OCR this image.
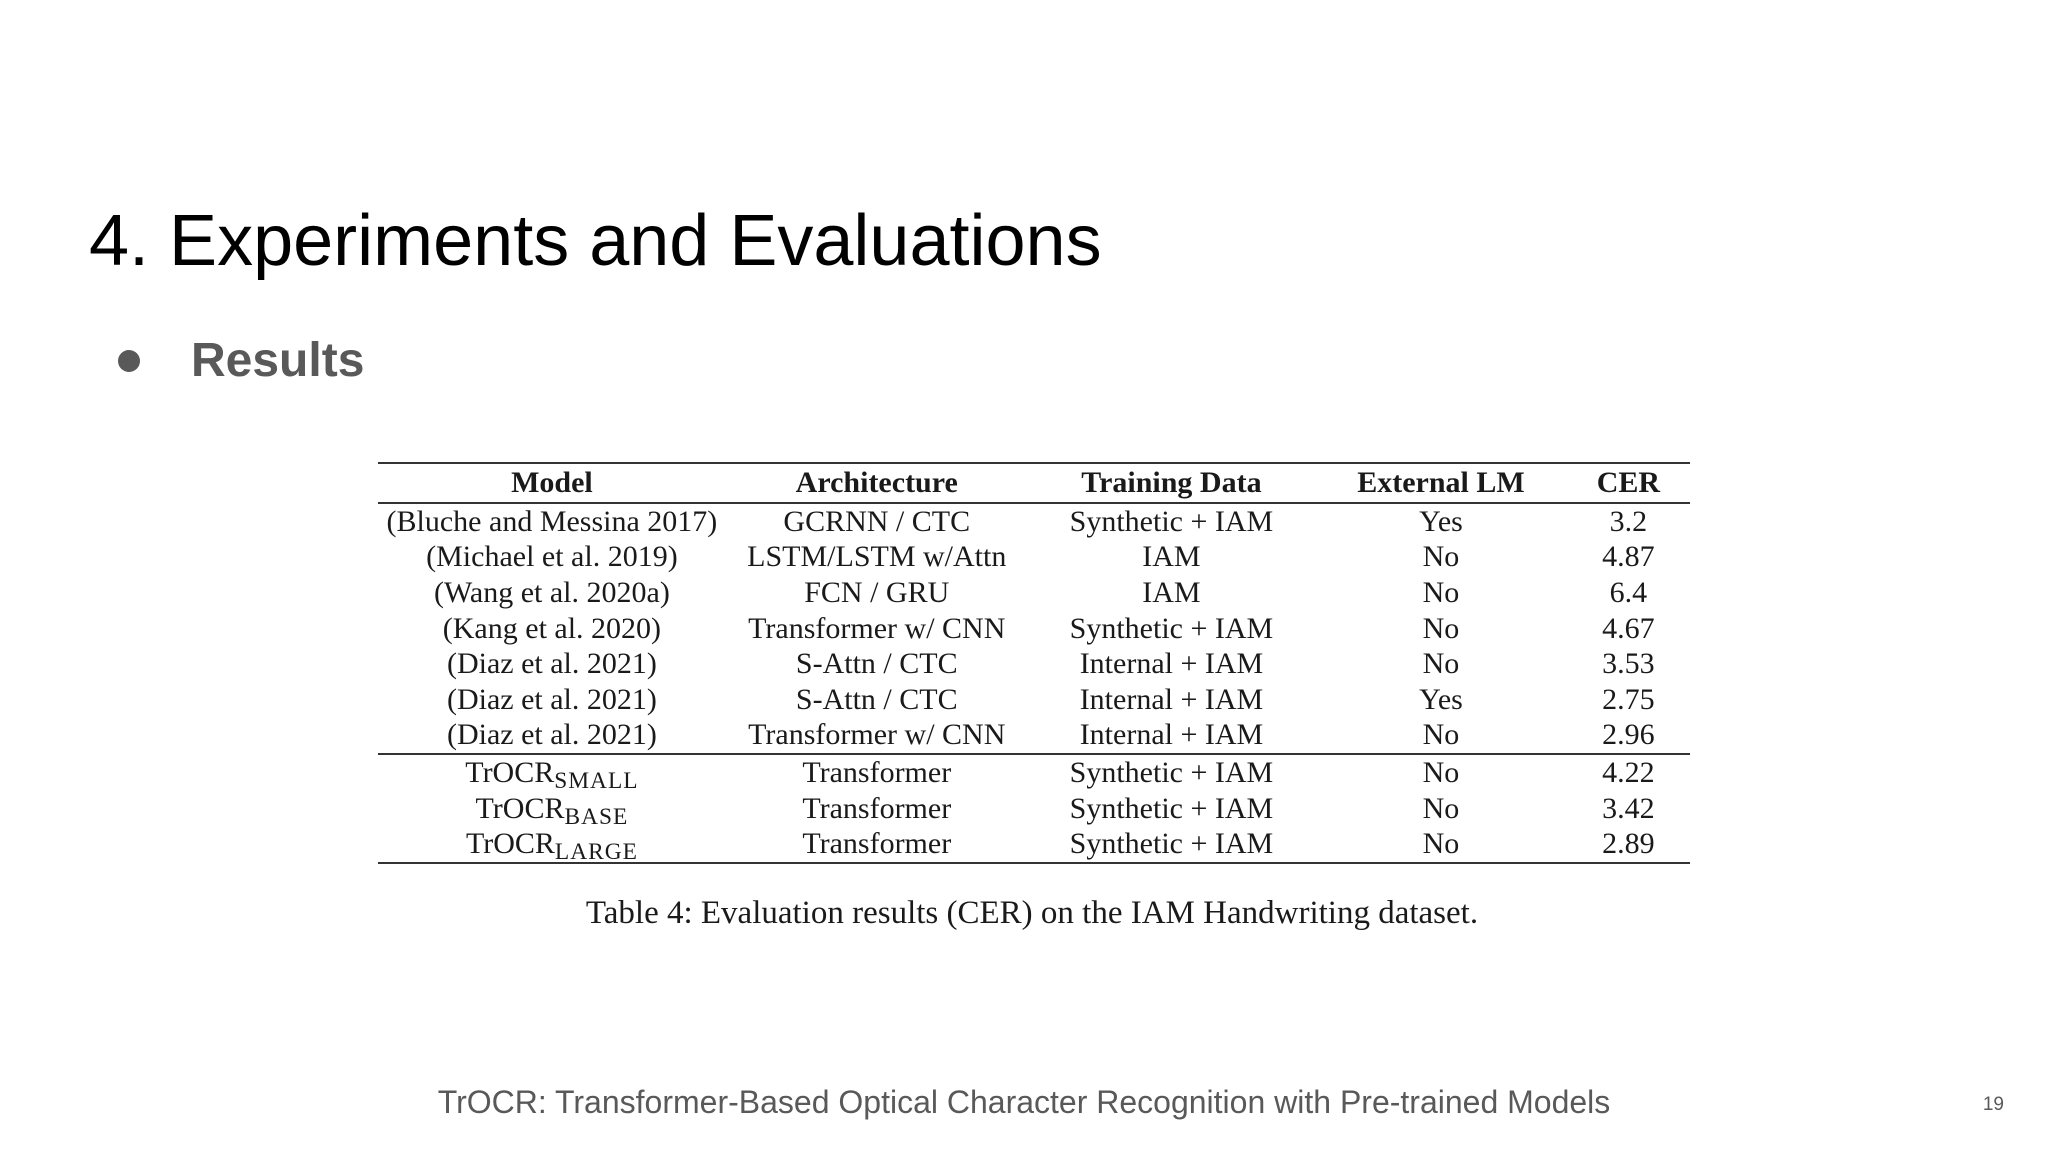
4. Experiments and Evaluations
Results
Model	Architecture	Training Data	External LM	CER
(Bluche and Messina 2017)	GCRNN / CTC	Synthetic + IAM	Yes	3.2
(Michael et al. 2019)	LSTM/LSTM w/Attn	IAM	No	4.87
(Wang et al. 2020a)	FCN / GRU	IAM	No	6.4
(Kang et al. 2020)	Transformer w/ CNN	Synthetic + IAM	No	4.67
(Diaz et al. 2021)	S-Attn / CTC	Internal + IAM	No	3.53
(Diaz et al. 2021)	S-Attn / CTC	Internal + IAM	Yes	2.75
(Diaz et al. 2021)	Transformer w/ CNN	Internal + IAM	No	2.96
TrOCR$_{SMALL}$	Transformer	Synthetic + IAM	No	4.22
TrOCR$_{BASE}$	Transformer	Synthetic + IAM	No	3.42
TrOCR$_{LARGE}$	Transformer	Synthetic + IAM	No	2.89
Table 4: Evaluation results (CER) on the IAM Handwriting dataset.
TrOCR: Transformer-Based Optical Character Recognition with Pre-trained Models	19
